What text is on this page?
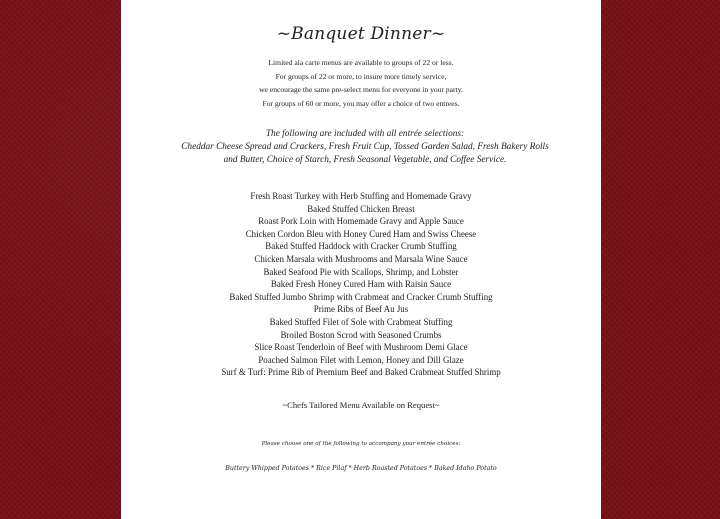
~Banquet Dinner~
Limited ala carte menus are available to groups of 22 or less.
For groups of 22 or more, to insure more timely service,
we encourage the same pre-select menu for everyone in your party.
For groups of 60 or more, you may offer a choice of two entrees.
The following are included with all entrée selections:
Cheddar Cheese Spread and Crackers, Fresh Fruit Cup, Tossed Garden Salad, Fresh Bakery Rolls and Butter, Choice of Starch, Fresh Seasonal Vegetable, and Coffee Service.
Fresh Roast Turkey with Herb Stuffing and Homemade Gravy
Baked Stuffed Chicken Breast
Roast Pork Loin with Homemade Gravy and Apple Sauce
Chicken Cordon Bleu with Honey Cured Ham and Swiss Cheese
Baked Stuffed Haddock with Cracker Crumb Stuffing
Chicken Marsala with Mushrooms and Marsala Wine Sauce
Baked Seafood Pie with Scallops, Shrimp, and Lobster
Baked Fresh Honey Cured Ham with Raisin Sauce
Baked Stuffed Jumbo Shrimp with Crabmeat and Cracker Crumb Stuffing
Prime Ribs of Beef Au Jus
Baked Stuffed Filet of Sole with Crabmeat Stuffing
Broiled Boston Scrod with Seasoned Crumbs
Slice Roast Tenderloin of Beef with Mushroom Demi Glace
Poached Salmon Filet with Lemon, Honey and Dill Glaze
Surf & Turf: Prime Rib of Premium Beef and Baked Crabmeat Stuffed Shrimp
~Chefs Tailored Menu Available on Request~
Please choose one of the following to accompany your entrée choices:
Buttery Whipped Potatoes * Rice Pilaf * Herb Roasted Potatoes * Baked Idaho Potato
